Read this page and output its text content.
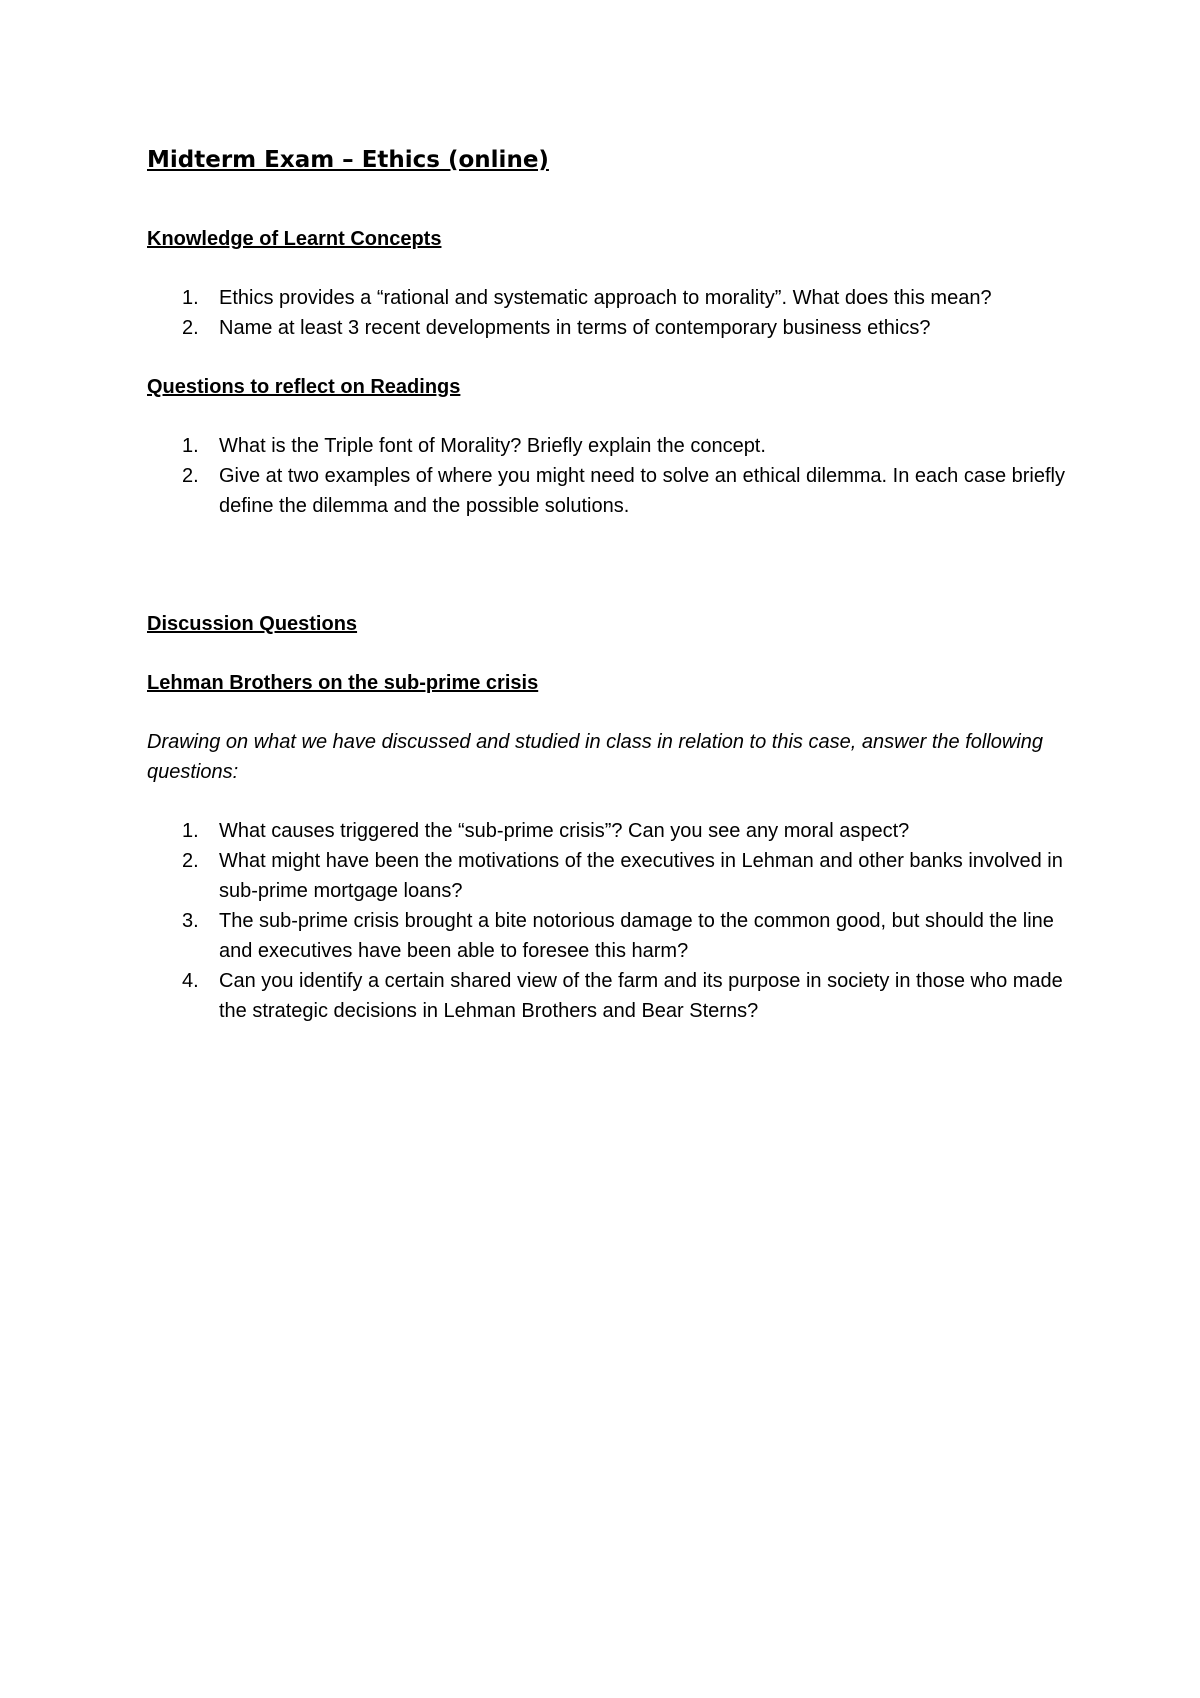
Midterm Exam – Ethics (online)
Knowledge of Learnt Concepts
1. Ethics provides a “rational and systematic approach to morality”. What does this mean?
2. Name at least 3 recent developments in terms of contemporary business ethics?
Questions to reflect on Readings
1. What is the Triple font of Morality? Briefly explain the concept.
2. Give at two examples of where you might need to solve an ethical dilemma. In each case briefly define the dilemma and the possible solutions.
Discussion Questions
Lehman Brothers on the sub-prime crisis

Drawing on what we have discussed and studied in class in relation to this case, answer the following questions:

1. What causes triggered the “sub-prime crisis”? Can you see any moral aspect?
2. What might have been the motivations of the executives in Lehman and other banks involved in sub-prime mortgage loans?
3. The sub-prime crisis brought a bite notorious damage to the common good, but should the line and executives have been able to foresee this harm?
4. Can you identify a certain shared view of the farm and its purpose in society in those who made the strategic decisions in Lehman Brothers and Bear Sterns?
